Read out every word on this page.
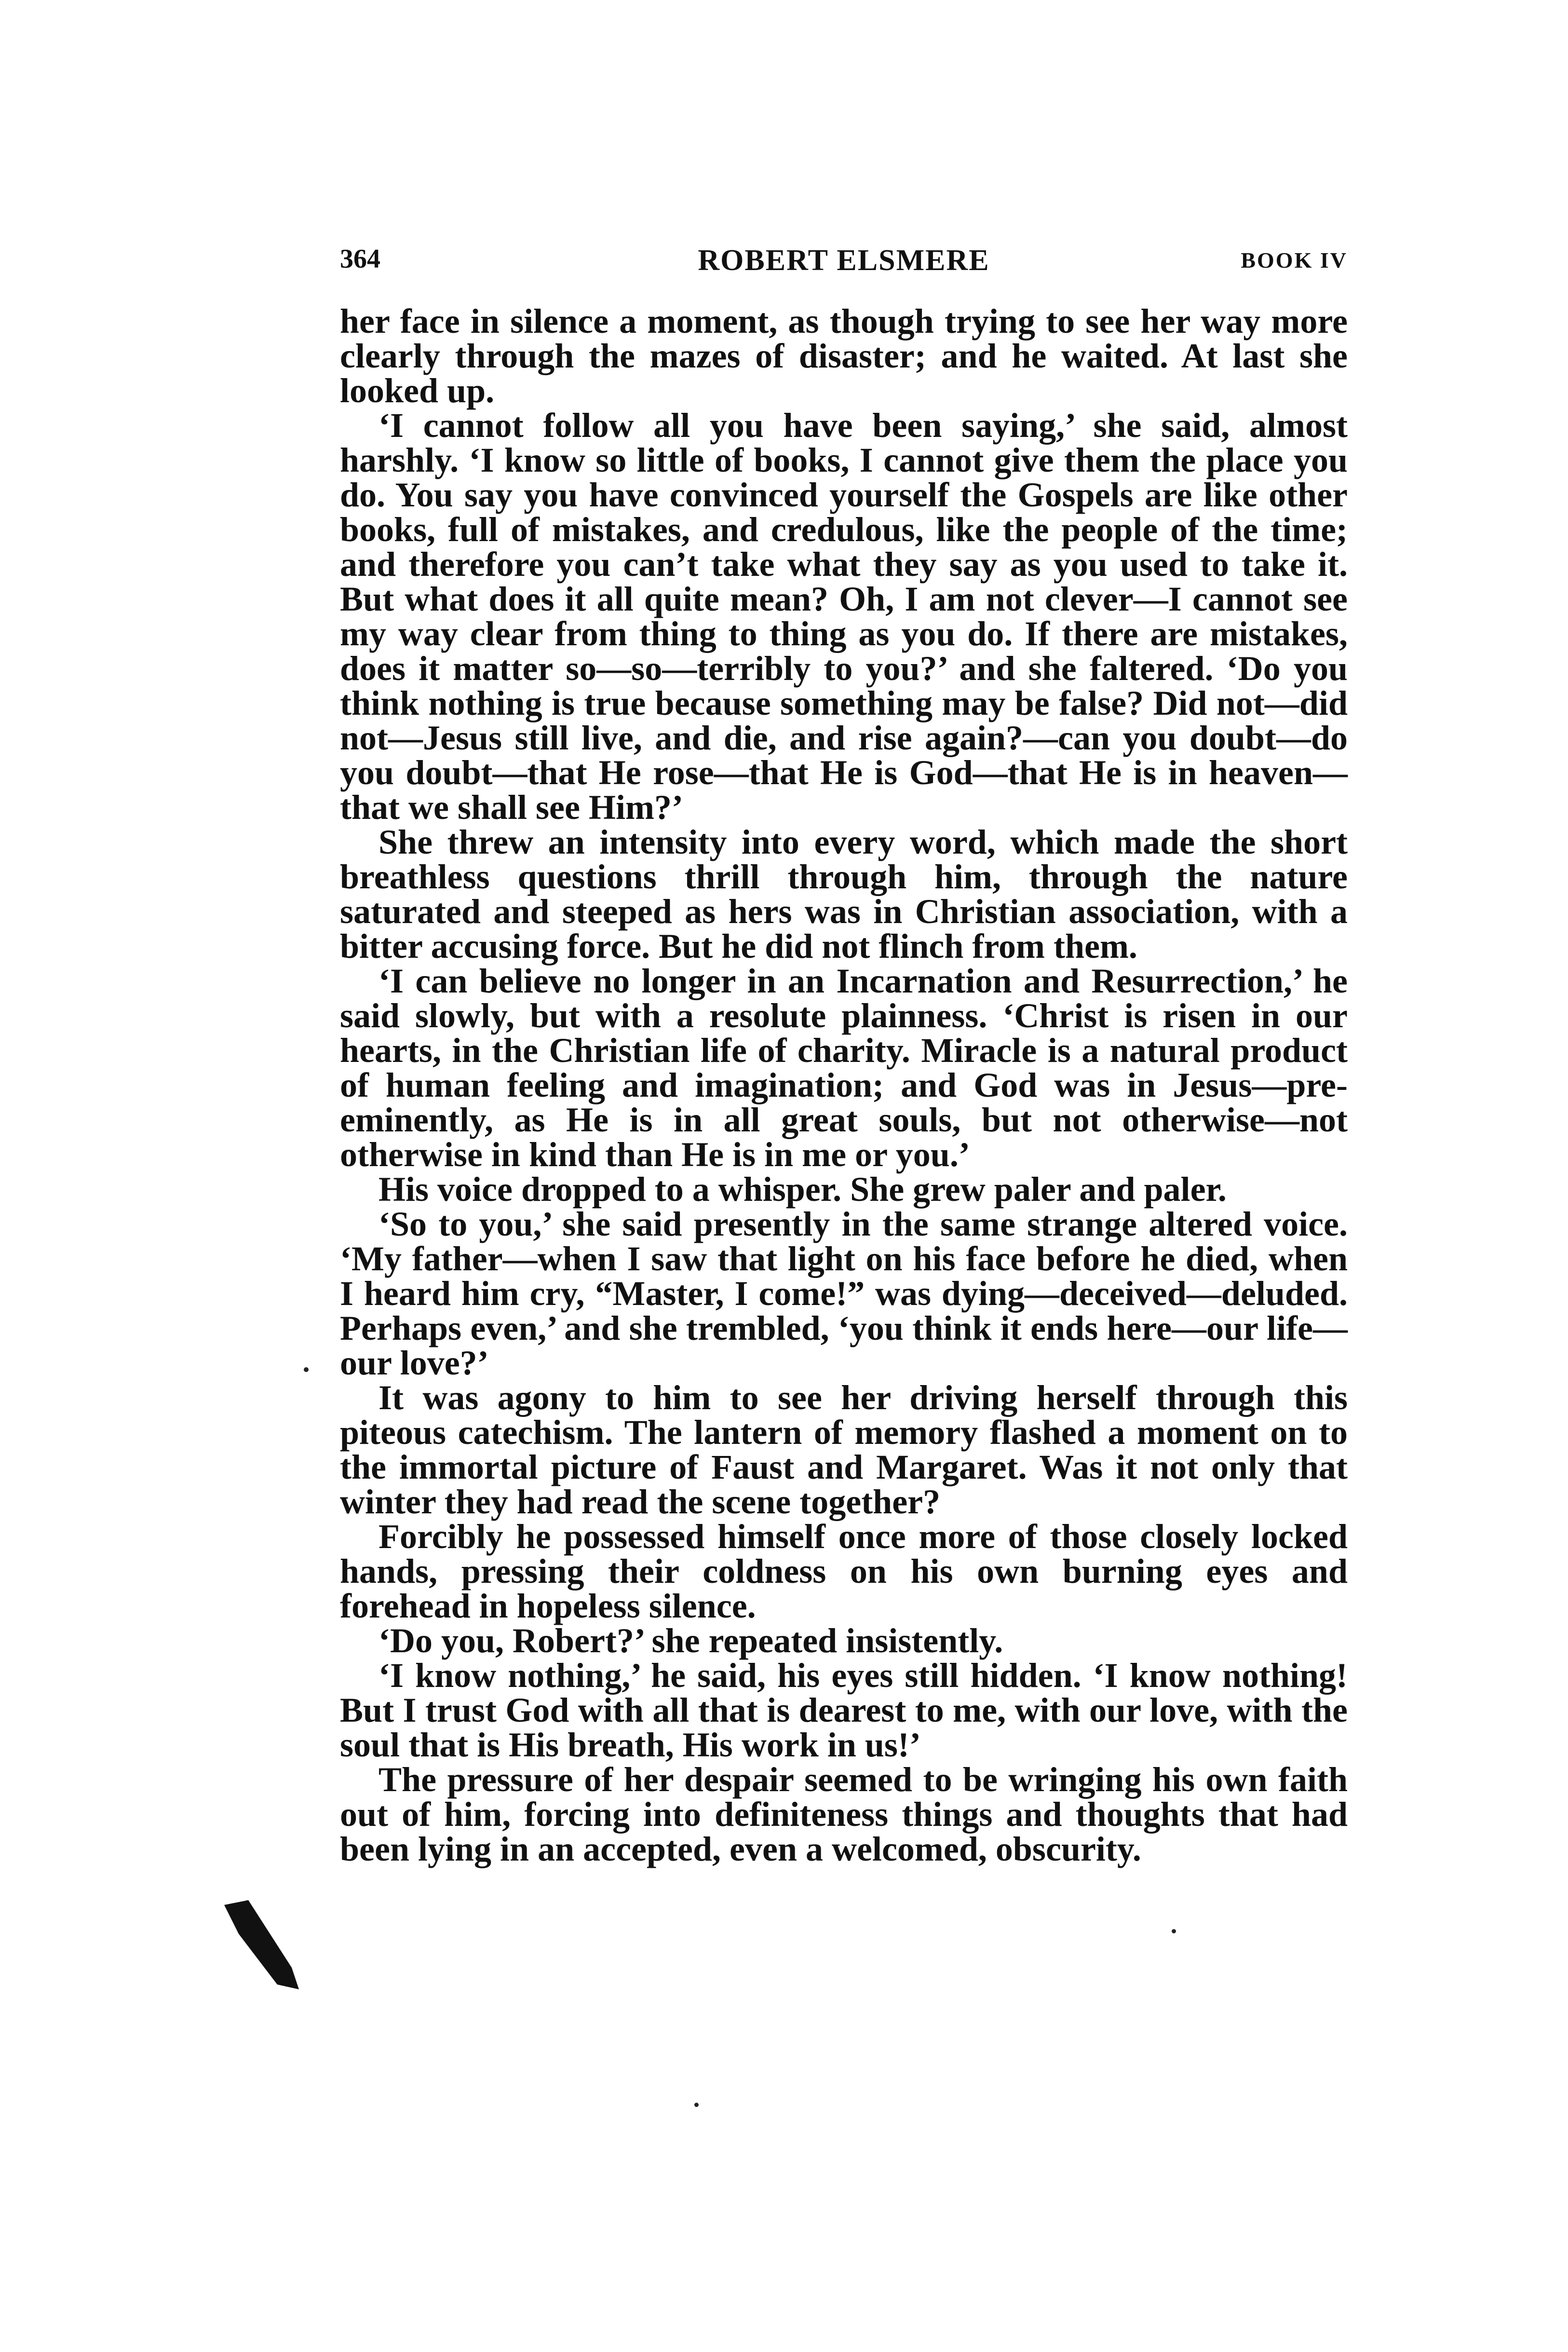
364	ROBERT ELSMERE	BOOK IV

her face in silence a moment, as though trying to see her way more clearly through the mazes of disaster; and he waited. At last she looked up.

‘I cannot follow all you have been saying,’ she said, almost harshly. ‘I know so little of books, I cannot give them the place you do. You say you have convinced yourself the Gospels are like other books, full of mistakes, and credulous, like the people of the time; and therefore you can’t take what they say as you used to take it. But what does it all quite mean? Oh, I am not clever—I cannot see my way clear from thing to thing as you do. If there are mistakes, does it matter so—so—terribly to you?’ and she faltered. ‘Do you think nothing is true because something may be false? Did not—did not—Jesus still live, and die, and rise again?—can you doubt—do you doubt—that He rose—that He is God—that He is in heaven—that we shall see Him?’

She threw an intensity into every word, which made the short breathless questions thrill through him, through the nature saturated and steeped as hers was in Christian association, with a bitter accusing force. But he did not flinch from them.

‘I can believe no longer in an Incarnation and Resurrection,’ he said slowly, but with a resolute plainness. ‘Christ is risen in our hearts, in the Christian life of charity. Miracle is a natural product of human feeling and imagination; and God was in Jesus—pre-eminently, as He is in all great souls, but not otherwise—not otherwise in kind than He is in me or you.’

His voice dropped to a whisper. She grew paler and paler.

‘So to you,’ she said presently in the same strange altered voice. ‘My father—when I saw that light on his face before he died, when I heard him cry, “Master, I come!” was dying—deceived—deluded. Perhaps even,’ and she trembled, ‘you think it ends here—our life—our love?’

It was agony to him to see her driving herself through this piteous catechism. The lantern of memory flashed a moment on to the immortal picture of Faust and Margaret. Was it not only that winter they had read the scene together?

Forcibly he possessed himself once more of those closely locked hands, pressing their coldness on his own burning eyes and forehead in hopeless silence.

‘Do you, Robert?’ she repeated insistently.

‘I know nothing,’ he said, his eyes still hidden. ‘I know nothing! But I trust God with all that is dearest to me, with our love, with the soul that is His breath, His work in us!’

The pressure of her despair seemed to be wringing his own faith out of him, forcing into definiteness things and thoughts that had been lying in an accepted, even a welcomed, obscurity.
